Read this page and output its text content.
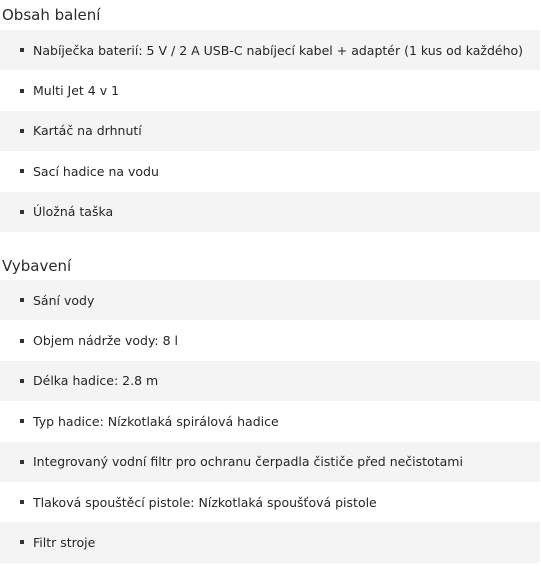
Obsah balení
Nabíječka baterií: 5 V / 2 A USB-C nabíjecí kabel + adaptér (1 kus od každého)
Multi Jet 4 v 1
Kartáč na drhnutí
Sací hadice na vodu
Úložná taška
Vybavení
Sání vody
Objem nádrže vody: 8 l
Délka hadice: 2.8 m
Typ hadice: Nízkotlaká spirálová hadice
Integrovaný vodní filtr pro ochranu čerpadla čističe před nečistotami
Tlaková spouštěcí pistole: Nízkotlaká spoušťová pistole
Filtr stroje
